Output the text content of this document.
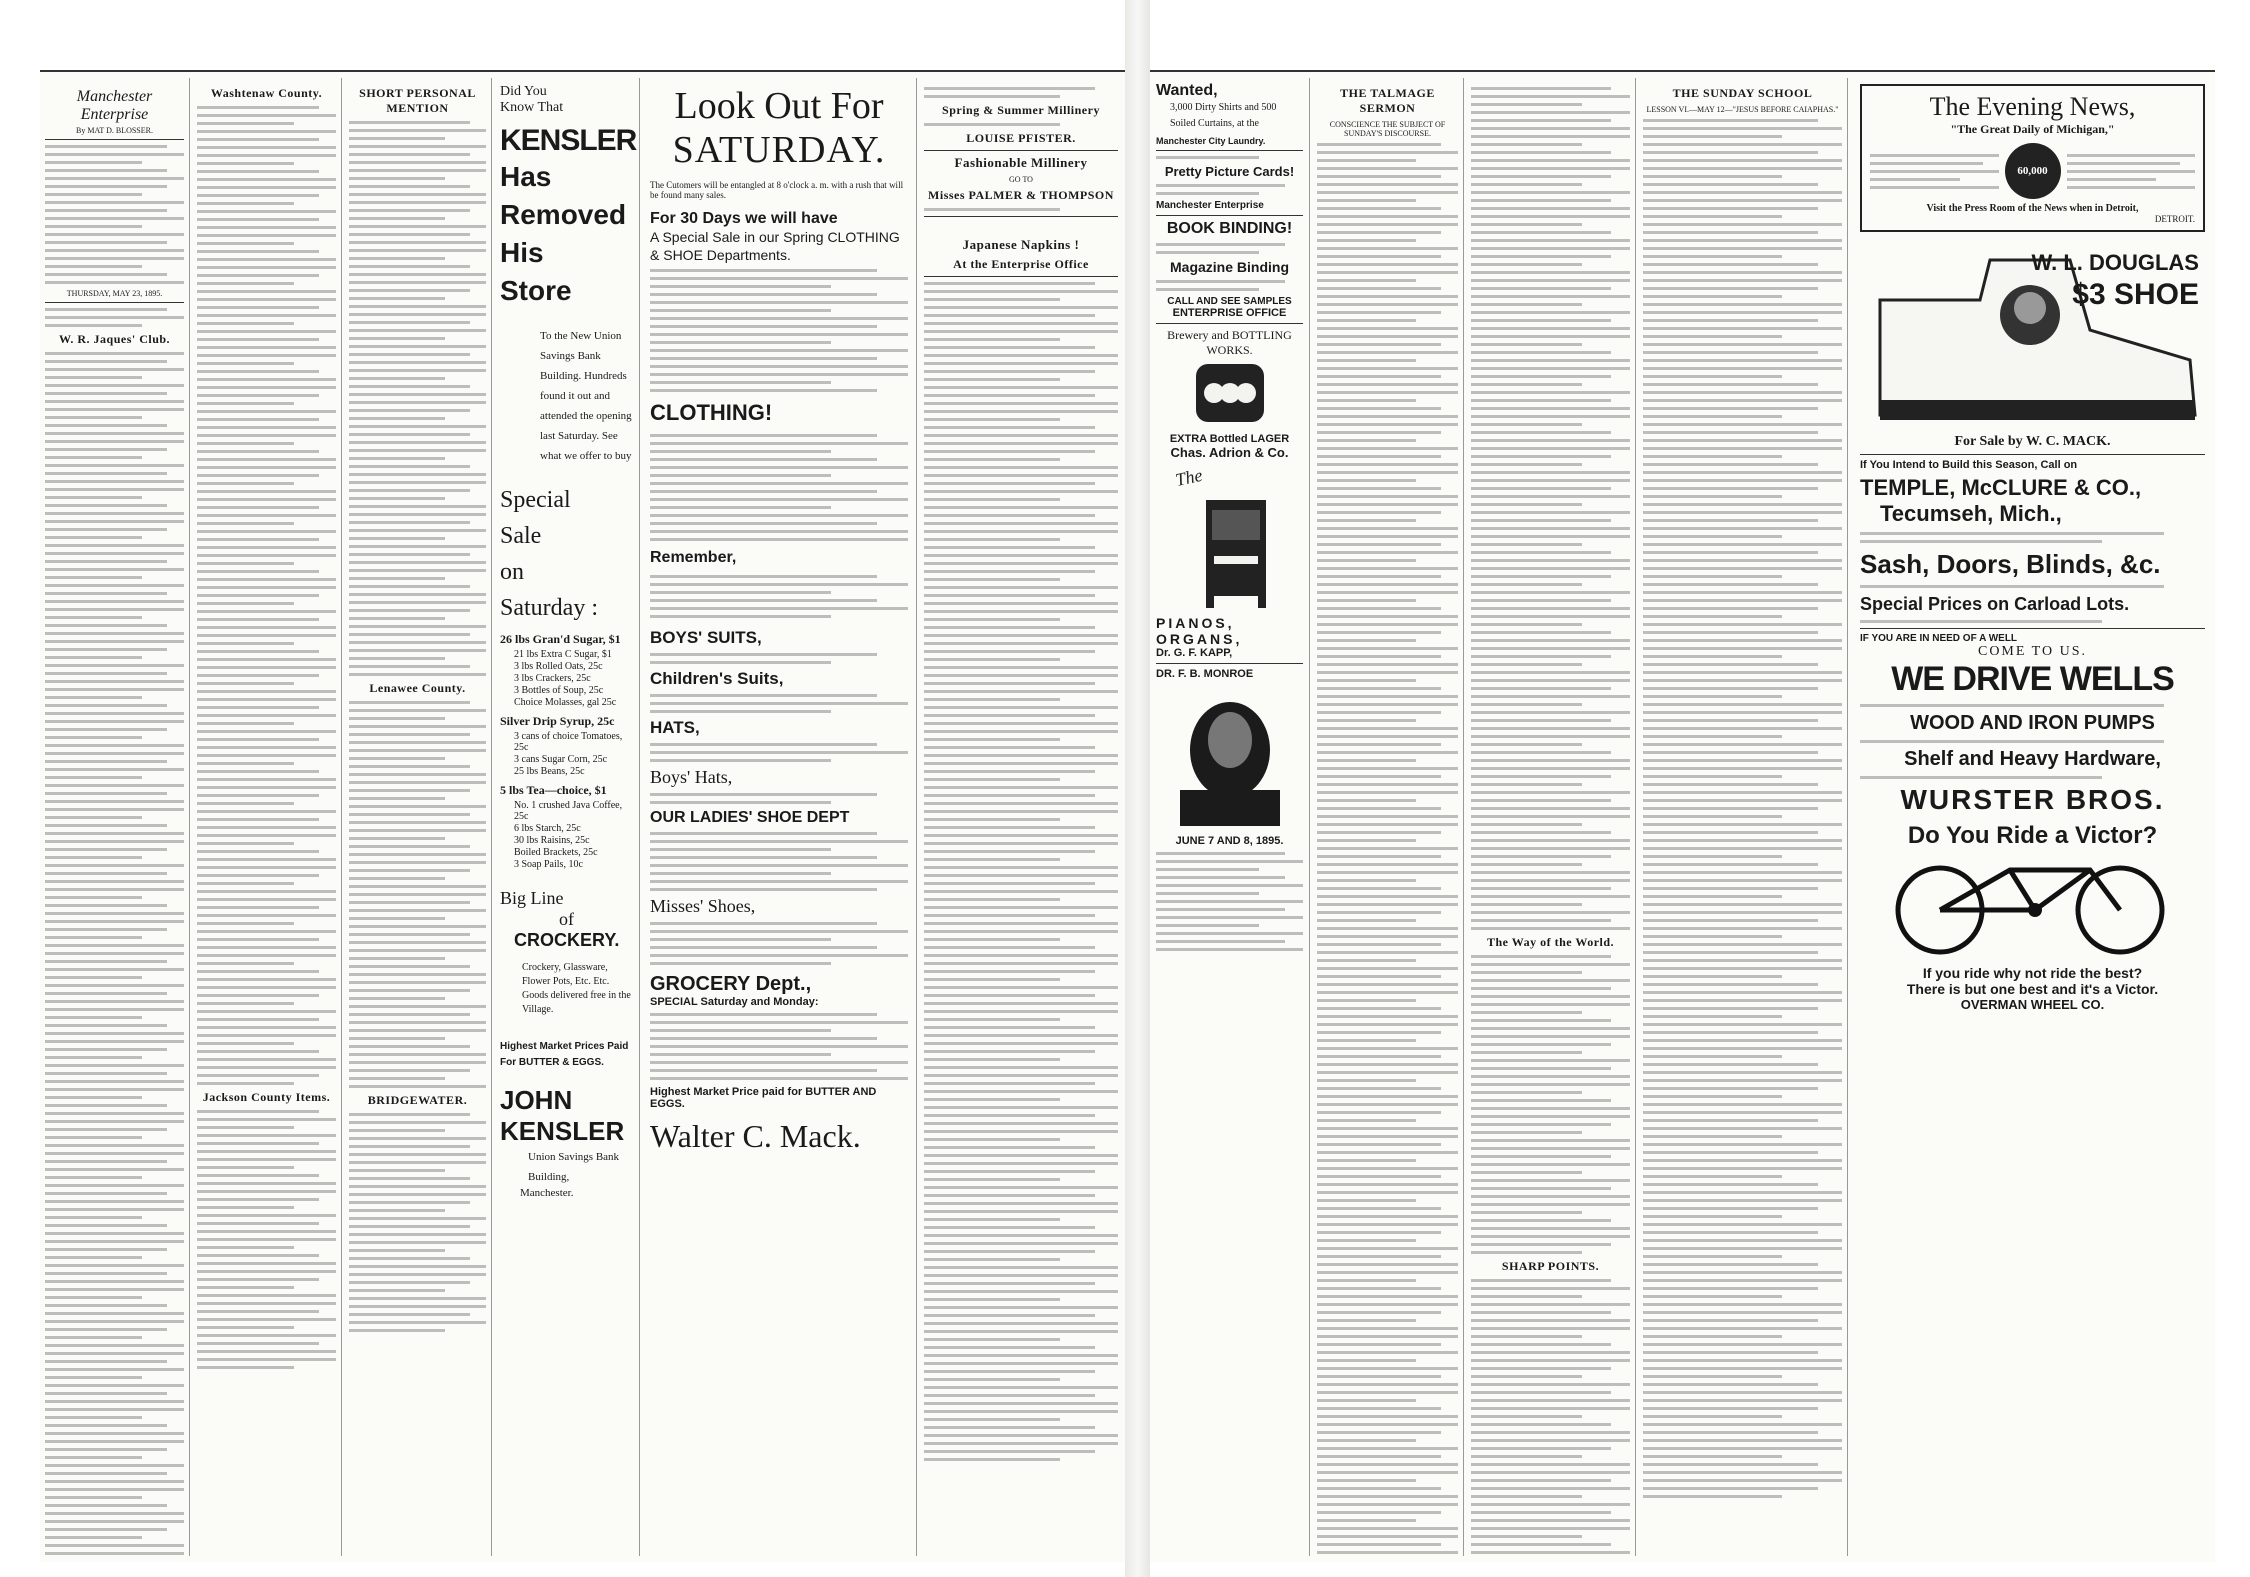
Manchester Enterprise
By MAT D. BLOSSER.
THURSDAY, MAY 23, 1895.
W. R. Jaques' Club.
Washtenaw County.
Jackson County Items.
SHORT PERSONAL MENTION
Lenawee County.
BRIDGEWATER.
Did You
Know That
KENSLER
Has
Removed
His
Store
To the New Union Savings Bank Building. Hundreds found it out and attended the opening last Saturday. See what we offer to buy
Special
Sale
on
Saturday :
26 lbs Gran'd Sugar, $1
21 lbs Extra C Sugar, $1
3 lbs Rolled Oats, 25c
3 lbs Crackers, 25c
3 Bottles of Soup, 25c
Choice Molasses, gal 25c
Silver Drip Syrup, 25c
3 cans of choice Tomatoes, 25c
3 cans Sugar Corn, 25c
25 lbs Beans, 25c
5 lbs Tea—choice, $1
No. 1 crushed Java Coffee, 25c
6 lbs Starch, 25c
30 lbs Raisins, 25c
Boiled Brackets, 25c
3 Soap Pails, 10c
Big Line
of
CROCKERY.
Crockery, Glassware, Flower Pots, Etc. Etc. Goods delivered free in the Village.
Highest Market Prices Paid For BUTTER & EGGS.
JOHN
KENSLER
Union Savings Bank Building,
Manchester.
Look Out For
SATURDAY.
The Cutomers will be entangled at 8 o'clock a. m. with a rush that will be found many sales.
For 30 Days we will have
A Special Sale in our Spring CLOTHING & SHOE Departments.
CLOTHING!
Remember,
BOYS' SUITS,
Children's Suits,
HATS,
Boys' Hats,
OUR LADIES' SHOE DEPT
Misses' Shoes,
GROCERY Dept.,
SPECIAL Saturday and Monday:
Highest Market Price paid for BUTTER AND EGGS.
Walter C. Mack.
Spring & Summer Millinery
LOUISE PFISTER.
Fashionable Millinery
GO TO
Misses PALMER & THOMPSON
Japanese Napkins !
At the Enterprise Office
Wanted,
3,000 Dirty Shirts and 500 Soiled Curtains, at the
Manchester City Laundry.
Pretty Picture Cards!
Manchester Enterprise
BOOK BINDING!
Magazine Binding
CALL AND SEE SAMPLES
ENTERPRISE OFFICE
Brewery and BOTTLING WORKS.
EXTRA Bottled LAGER
Chas. Adrion & Co.
The
PIANOS,
ORGANS,
Dr. G. F. KAPP,
DR. F. B. MONROE
JUNE 7 AND 8, 1895.
THE TALMAGE SERMON
CONSCIENCE THE SUBJECT OF SUNDAY'S DISCOURSE.
The Way of the World.
SHARP POINTS.
THE SUNDAY SCHOOL
LESSON VI.—MAY 12—"JESUS BEFORE CAIAPHAS."	The Evening News,
"The Great Daily of Michigan,"
60,000
Visit the Press Room of the News when in Detroit,
DETROIT.
W. L. DOUGLAS
$3 SHOE
For Sale by W. C. MACK.
If You Intend to Build this Season, Call on
TEMPLE, McCLURE & CO.,
Tecumseh, Mich.,
Sash, Doors, Blinds, &c.
Special Prices on Carload Lots.
IF YOU ARE IN NEED OF A WELL
COME TO US.
WE DRIVE WELLS
WOOD AND IRON PUMPS
Shelf and Heavy Hardware,
WURSTER BROS.
Do You Ride a Victor?
If you ride why not ride the best?
There is but one best and it's a Victor.
OVERMAN WHEEL CO.
